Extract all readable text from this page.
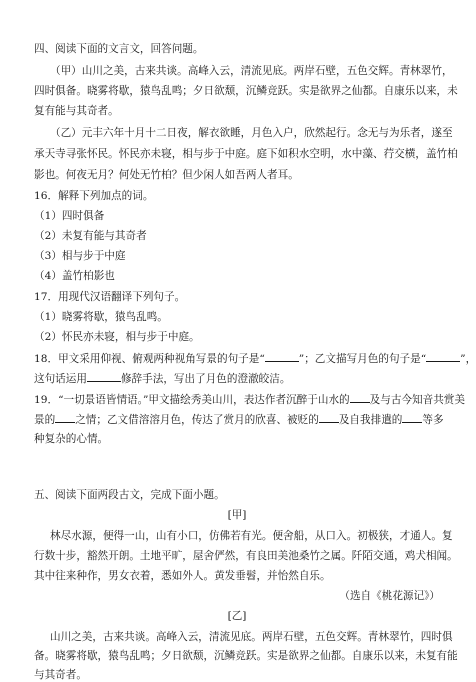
四、阅读下面的文言文，回答问题。
（甲）山川之美，古来共谈。高峰入云，清流见底。两岸石壁，五色交辉。青林翠竹，
四时俱备。晓雾将歇，猿鸟乱鸣；夕日欲颓，沉鳞竞跃。实是欲界之仙都。自康乐以来，未
复有能与其奇者。
（乙）元丰六年十月十二日夜，解衣欲睡，月色入户，欣然起行。念无与为乐者，遂至
承天寺寻张怀民。怀民亦未寝，相与步于中庭。庭下如积水空明，水中藻、荇交横，盖竹柏
影也。何夜无月？何处无竹柏？但少闲人如吾两人者耳。
16．解释下列加点的词。
（1）四时俱备
（2）未复有能与其奇者
（3）相与步于中庭
（4）盖竹柏影也
17．用现代汉语翻译下列句子。
（1）晓雾将歇，猿鸟乱鸣。
（2）怀民亦未寝，相与步于中庭。
18．甲文采用仰视、俯观两种视角写景的句子是“	”；乙文描写月色的句子是“	”，
这句话运用	修辞手法，写出了月色的澄澈皎洁。
19．“一切景语皆情语。”甲文描绘秀美山川，表达作者沉醉于山水的 及与古今知音共赏美
景的 之情；乙文借溶溶月色，传达了赏月的欣喜、被贬的 及自我排遣的 等多
种复杂的心情。
五、阅读下面两段古文，完成下面小题。
[甲]
林尽水源，便得一山，山有小口，仿佛若有光。便舍船，从口入。初极狭，才通人。复
行数十步，豁然开朗。土地平旷，屋舍俨然，有良田美池桑竹之属。阡陌交通，鸡犬相闻。
其中往来种作，男女衣着，悉如外人。黄发垂髫，并怡然自乐。
（选自《桃花源记》）
[乙]
山川之美，古来共谈。高峰入云，清流见底。两岸石壁，五色交辉。青林翠竹，四时俱
备。晓雾将歇，猿鸟乱鸣；夕日欲颓，沉鳞竞跃。实是欲界之仙都。自康乐以来，未复有能
与其奇者。
